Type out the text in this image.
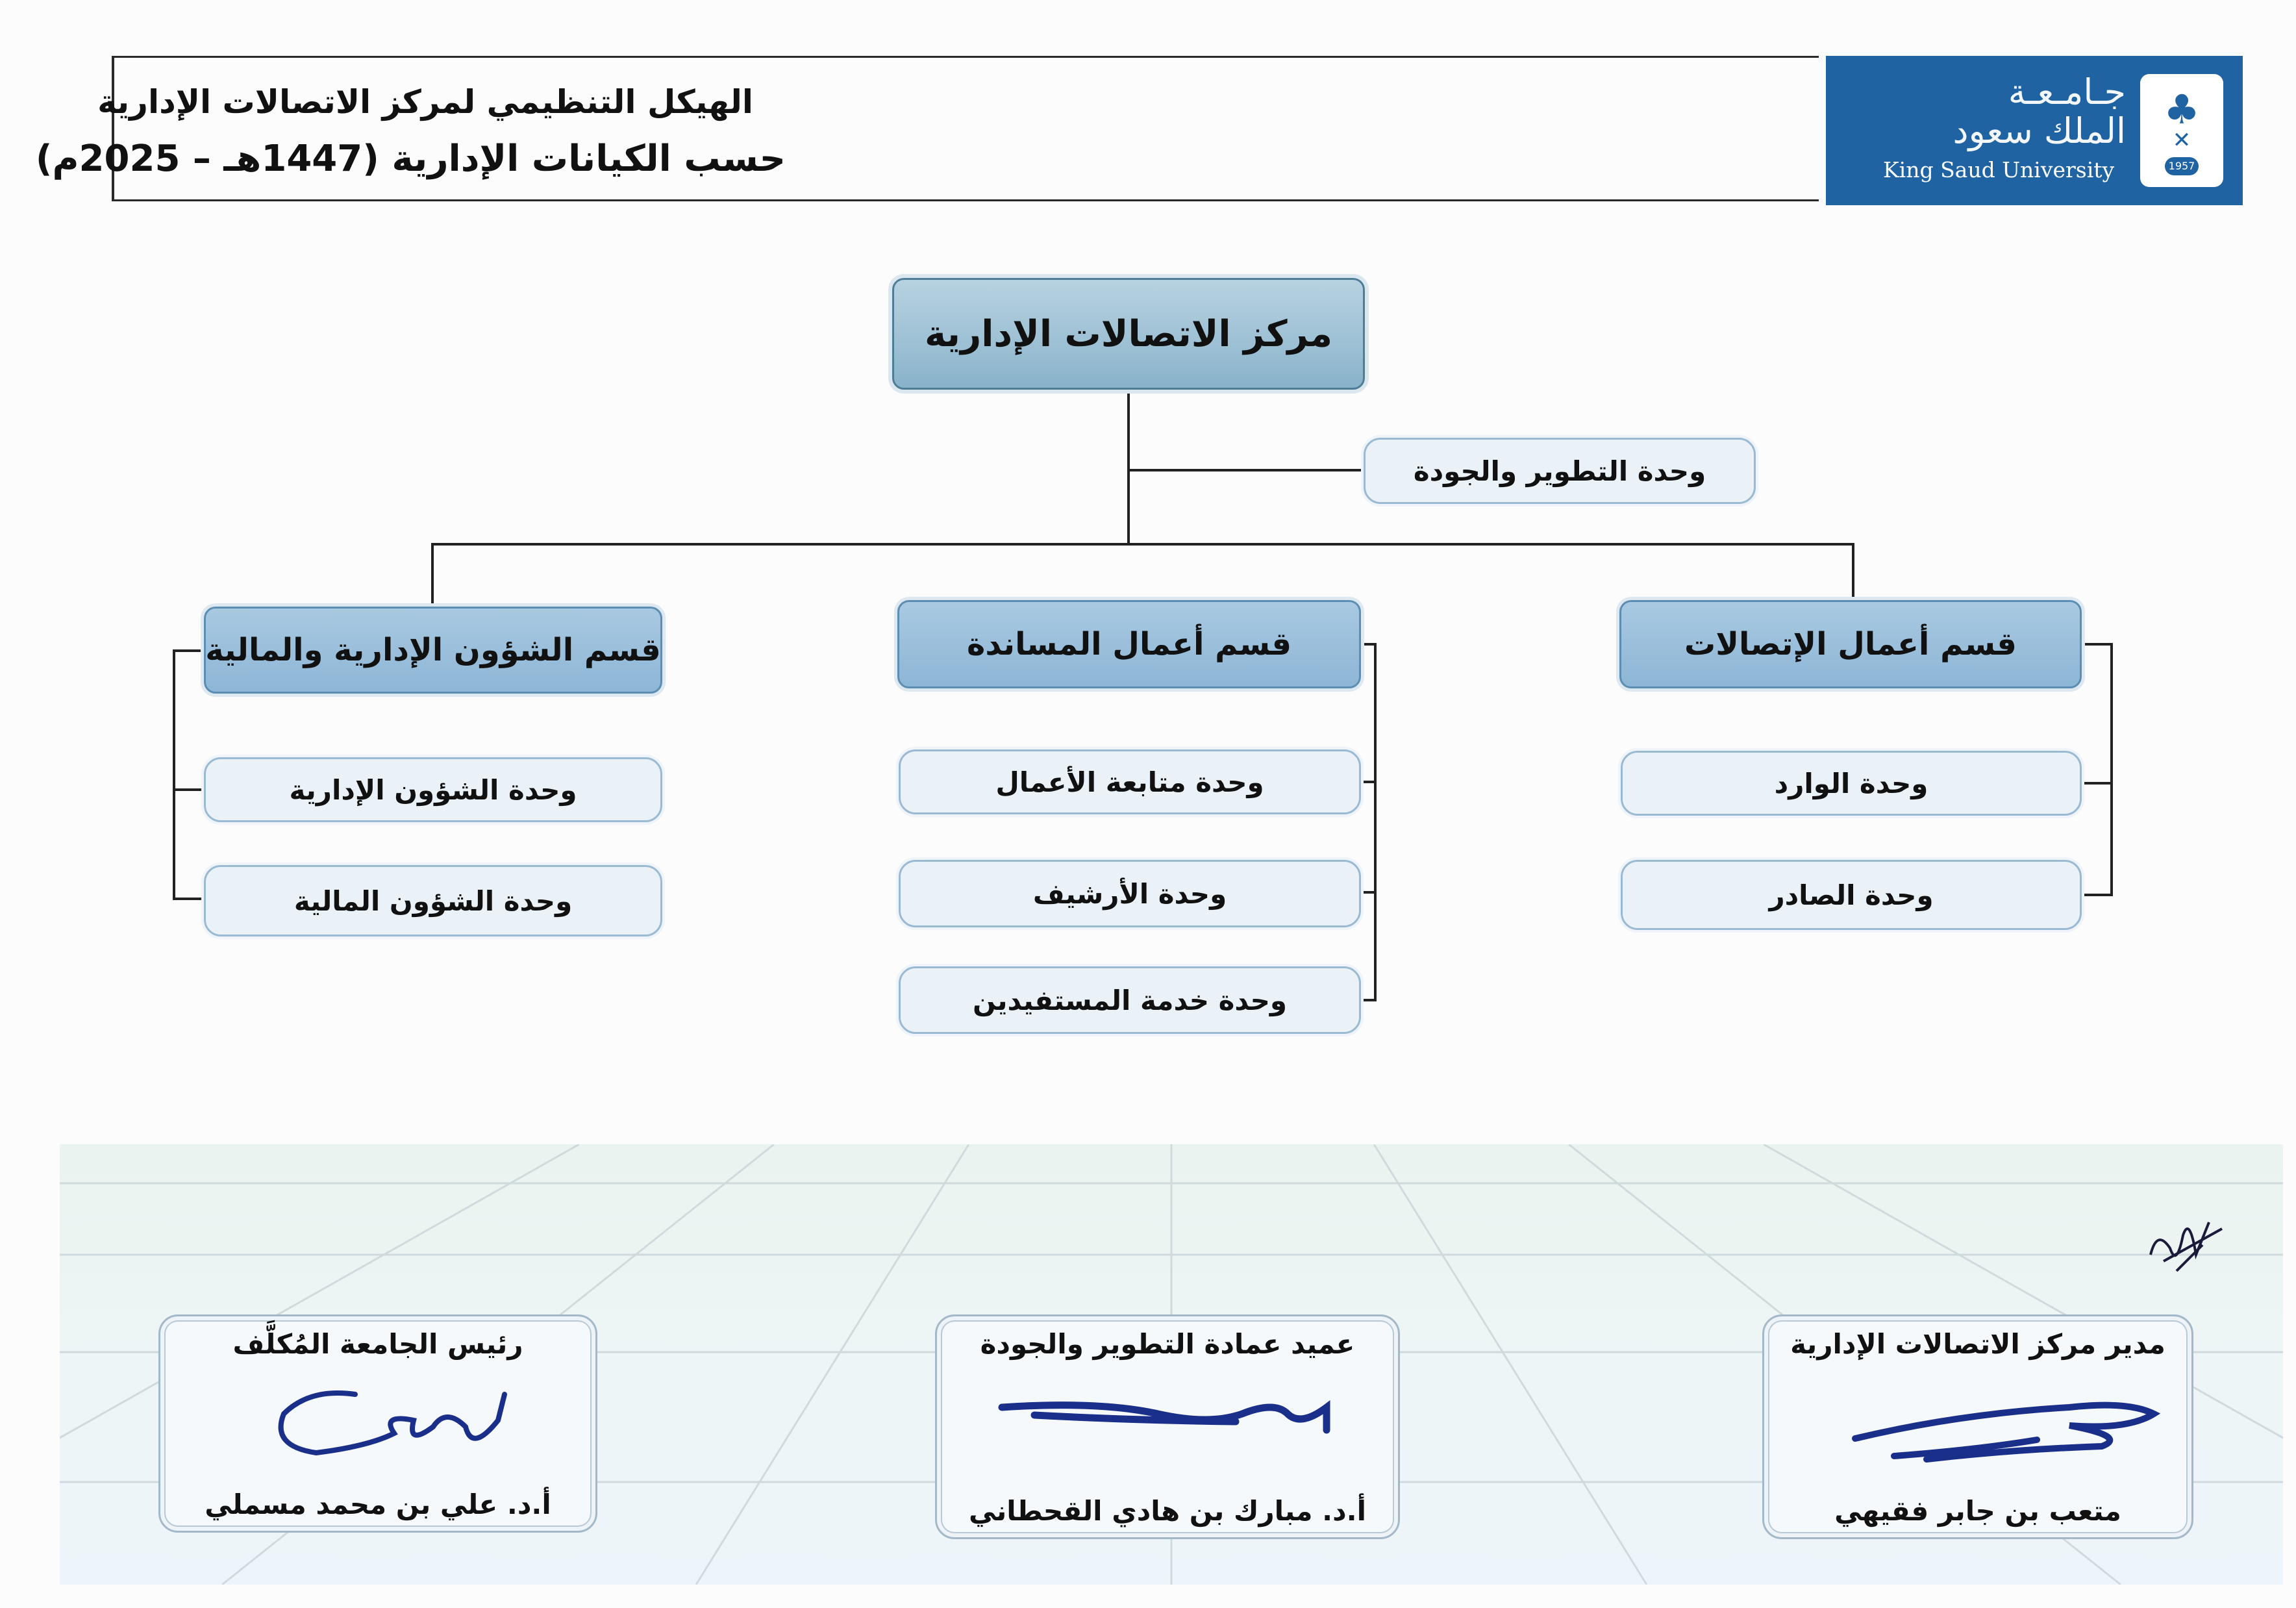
الهيكل التنظيمي لمركز الاتصالات الإدارية
حسب الكيانات الإدارية (1447هـ – 2025م)
جـامـعـة
الملك سعود
King Saud University
♣
✕
1957
مركز الاتصالات الإدارية
وحدة التطوير والجودة
قسم أعمال الإتصالات
قسم أعمال المساندة
قسم الشؤون الإدارية والمالية
وحدة الوارد
وحدة الصادر
وحدة متابعة الأعمال
وحدة الأرشيف
وحدة خدمة المستفيدين
وحدة الشؤون الإدارية
وحدة الشؤون المالية
مدير مركز الاتصالات الإدارية
متعب بن جابر فقيهي
عميد عمادة التطوير والجودة
أ.د. مبارك بن هادي القحطاني
رئيس الجامعة المُكلَّف
أ.د. علي بن محمد مسملي
